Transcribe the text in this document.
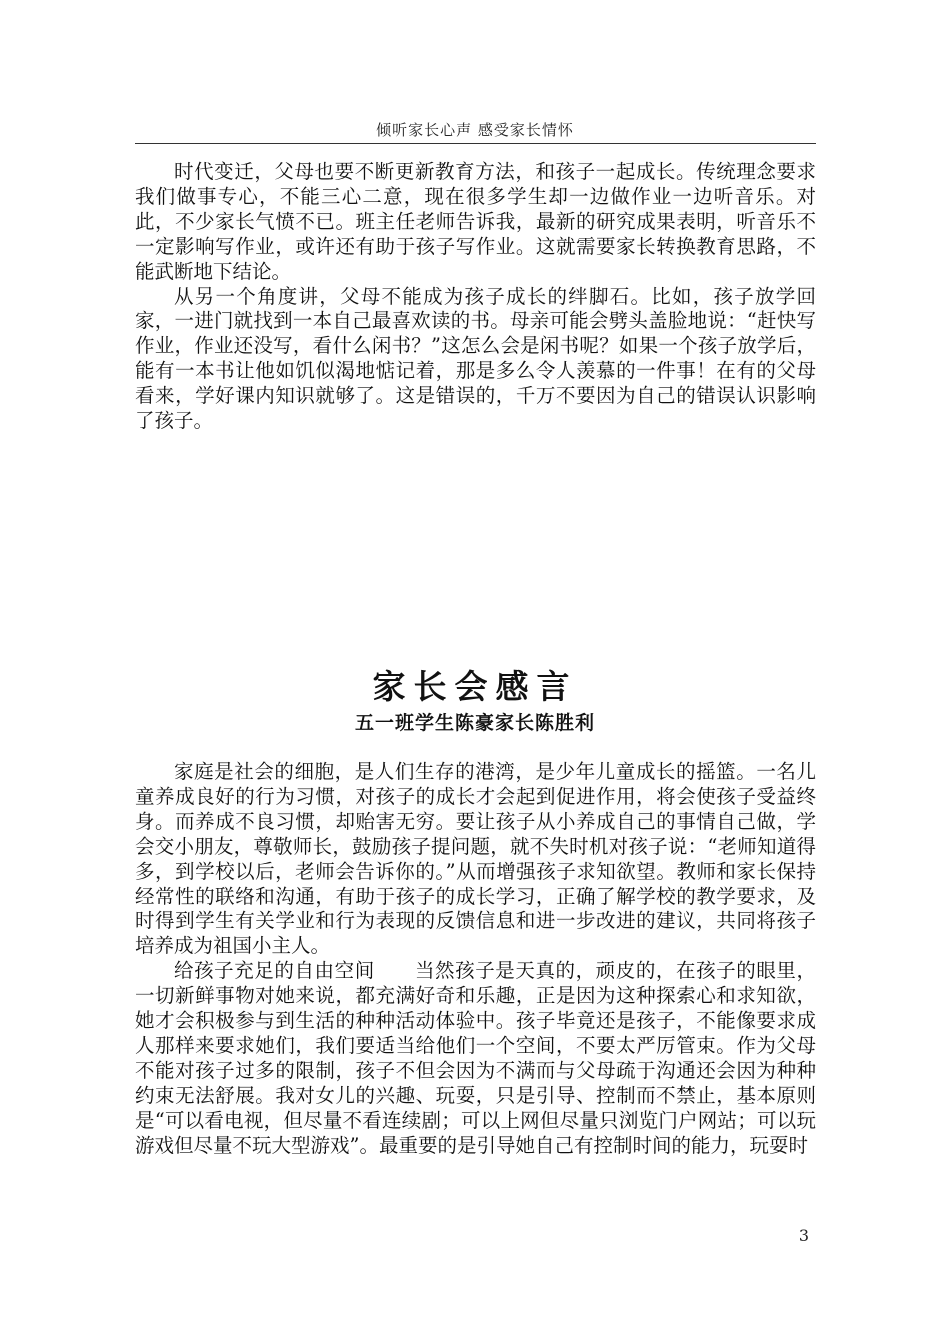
倾听家长心声 感受家长情怀

时代变迁，父母也要不断更新教育方法，和孩子一起成长。传统理念要求我们做事专心，不能三心二意，现在很多学生却一边做作业一边听音乐。对此，不少家长气愤不已。班主任老师告诉我，最新的研究成果表明，听音乐不一定影响写作业，或许还有助于孩子写作业。这就需要家长转换教育思路，不能武断地下结论。

从另一个角度讲，父母不能成为孩子成长的绊脚石。比如，孩子放学回家，一进门就找到一本自己最喜欢读的书。母亲可能会劈头盖脸地说：“赶快写作业，作业还没写，看什么闲书？”这怎么会是闲书呢？如果一个孩子放学后，能有一本书让他如饥似渴地惦记着，那是多么令人羡慕的一件事！在有的父母看来，学好课内知识就够了。这是错误的，千万不要因为自己的错误认识影响了孩子。

家长会感言
五一班学生陈豪家长陈胜利

家庭是社会的细胞，是人们生存的港湾，是少年儿童成长的摇篮。一名儿童养成良好的行为习惯，对孩子的成长才会起到促进作用，将会使孩子受益终身。而养成不良习惯，却贻害无穷。要让孩子从小养成自己的事情自己做，学会交小朋友，尊敬师长，鼓励孩子提问题，就不失时机对孩子说：“老师知道得多，到学校以后，老师会告诉你的。”从而增强孩子求知欲望。教师和家长保持经常性的联络和沟通，有助于孩子的成长学习，正确了解学校的教学要求，及时得到学生有关学业和行为表现的反馈信息和进一步改进的建议，共同将孩子培养成为祖国小主人。

给孩子充足的自由空间　　当然孩子是天真的，顽皮的，在孩子的眼里，一切新鲜事物对她来说，都充满好奇和乐趣，正是因为这种探索心和求知欲，她才会积极参与到生活的种种活动体验中。孩子毕竟还是孩子，不能像要求成人那样来要求她们，我们要适当给他们一个空间，不要太严厉管束。作为父母不能对孩子过多的限制，孩子不但会因为不满而与父母疏于沟通还会因为种种约束无法舒展。我对女儿的兴趣、玩耍，只是引导、控制而不禁止，基本原则是“可以看电视，但尽量不看连续剧；可以上网但尽量只浏览门户网站；可以玩游戏但尽量不玩大型游戏”。最重要的是引导她自己有控制时间的能力，玩耍时

3
